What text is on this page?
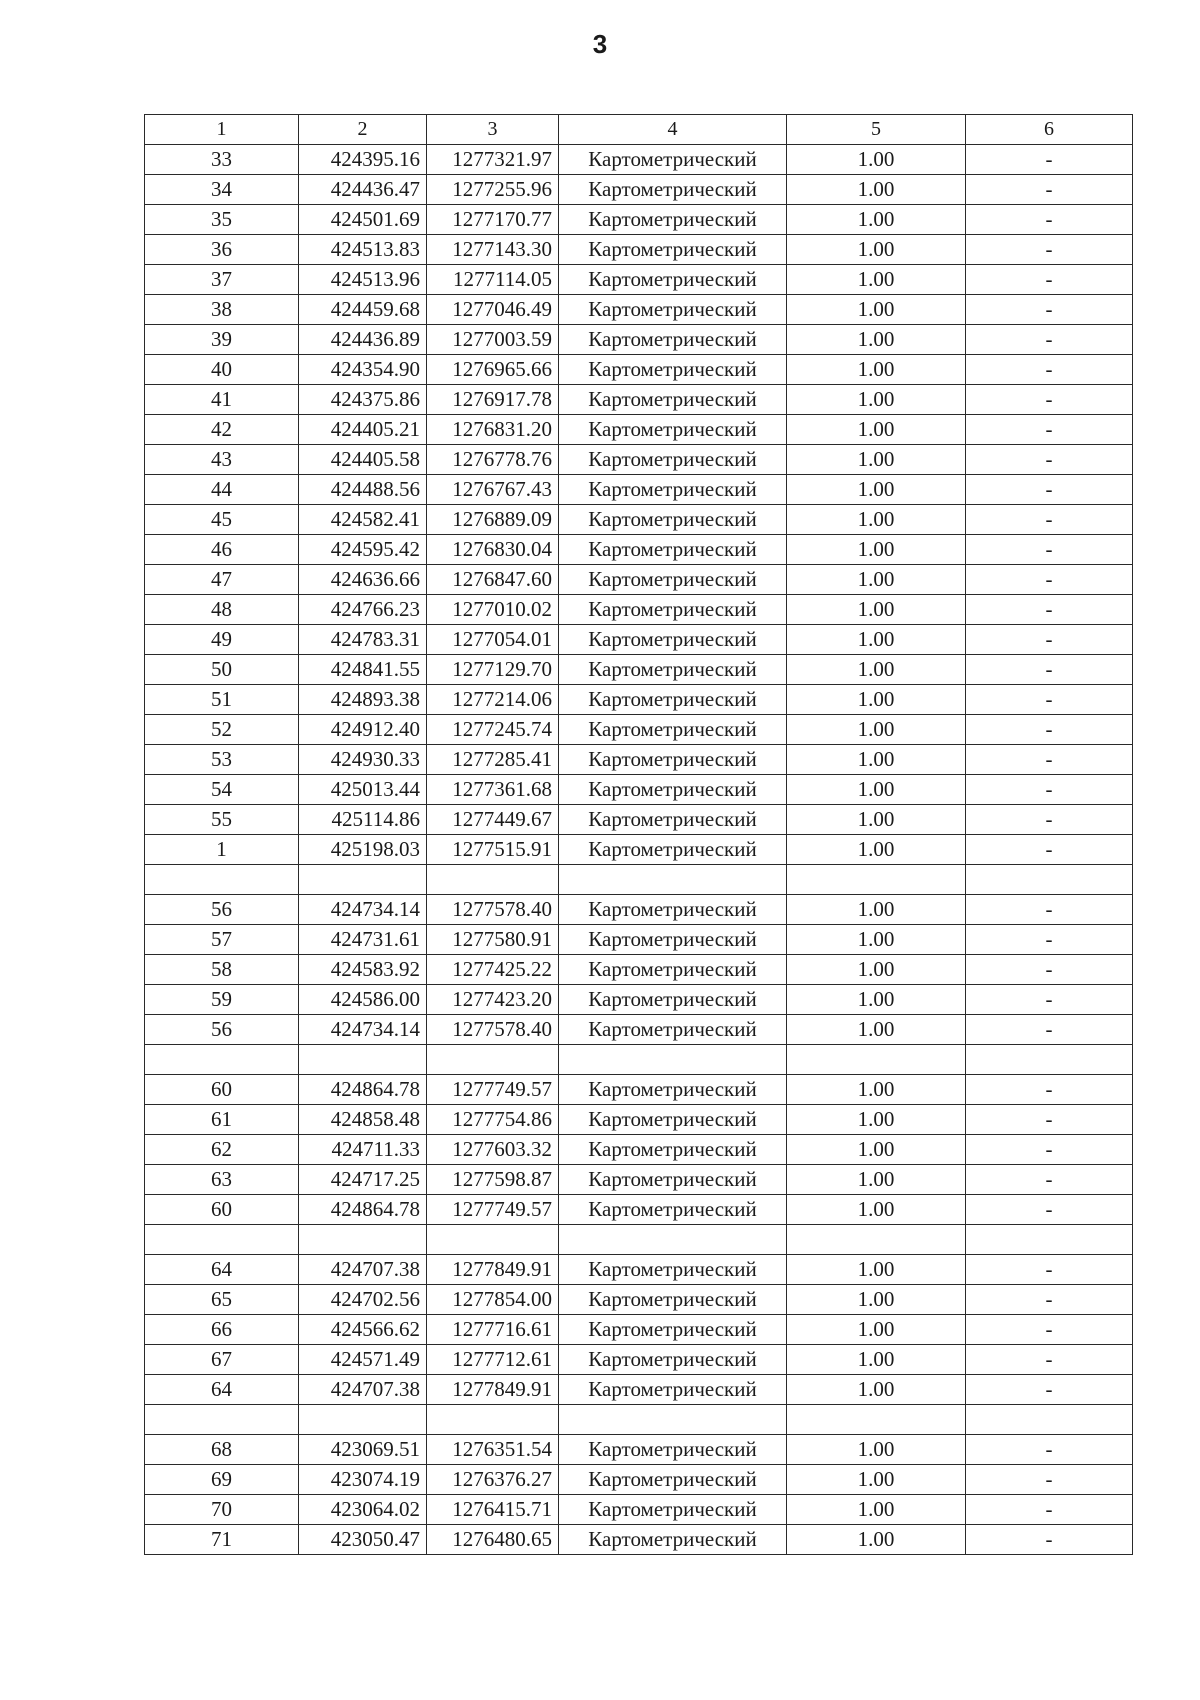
3
1	2	3	4	5	6
33	424395.16	1277321.97	Картометрический	1.00	-
34	424436.47	1277255.96	Картометрический	1.00	-
35	424501.69	1277170.77	Картометрический	1.00	-
36	424513.83	1277143.30	Картометрический	1.00	-
37	424513.96	1277114.05	Картометрический	1.00	-
38	424459.68	1277046.49	Картометрический	1.00	-
39	424436.89	1277003.59	Картометрический	1.00	-
40	424354.90	1276965.66	Картометрический	1.00	-
41	424375.86	1276917.78	Картометрический	1.00	-
42	424405.21	1276831.20	Картометрический	1.00	-
43	424405.58	1276778.76	Картометрический	1.00	-
44	424488.56	1276767.43	Картометрический	1.00	-
45	424582.41	1276889.09	Картометрический	1.00	-
46	424595.42	1276830.04	Картометрический	1.00	-
47	424636.66	1276847.60	Картометрический	1.00	-
48	424766.23	1277010.02	Картометрический	1.00	-
49	424783.31	1277054.01	Картометрический	1.00	-
50	424841.55	1277129.70	Картометрический	1.00	-
51	424893.38	1277214.06	Картометрический	1.00	-
52	424912.40	1277245.74	Картометрический	1.00	-
53	424930.33	1277285.41	Картометрический	1.00	-
54	425013.44	1277361.68	Картометрический	1.00	-
55	425114.86	1277449.67	Картометрический	1.00	-
1	425198.03	1277515.91	Картометрический	1.00	-

56	424734.14	1277578.40	Картометрический	1.00	-
57	424731.61	1277580.91	Картометрический	1.00	-
58	424583.92	1277425.22	Картометрический	1.00	-
59	424586.00	1277423.20	Картометрический	1.00	-
56	424734.14	1277578.40	Картометрический	1.00	-

60	424864.78	1277749.57	Картометрический	1.00	-
61	424858.48	1277754.86	Картометрический	1.00	-
62	424711.33	1277603.32	Картометрический	1.00	-
63	424717.25	1277598.87	Картометрический	1.00	-
60	424864.78	1277749.57	Картометрический	1.00	-

64	424707.38	1277849.91	Картометрический	1.00	-
65	424702.56	1277854.00	Картометрический	1.00	-
66	424566.62	1277716.61	Картометрический	1.00	-
67	424571.49	1277712.61	Картометрический	1.00	-
64	424707.38	1277849.91	Картометрический	1.00	-

68	423069.51	1276351.54	Картометрический	1.00	-
69	423074.19	1276376.27	Картометрический	1.00	-
70	423064.02	1276415.71	Картометрический	1.00	-
71	423050.47	1276480.65	Картометрический	1.00	-
